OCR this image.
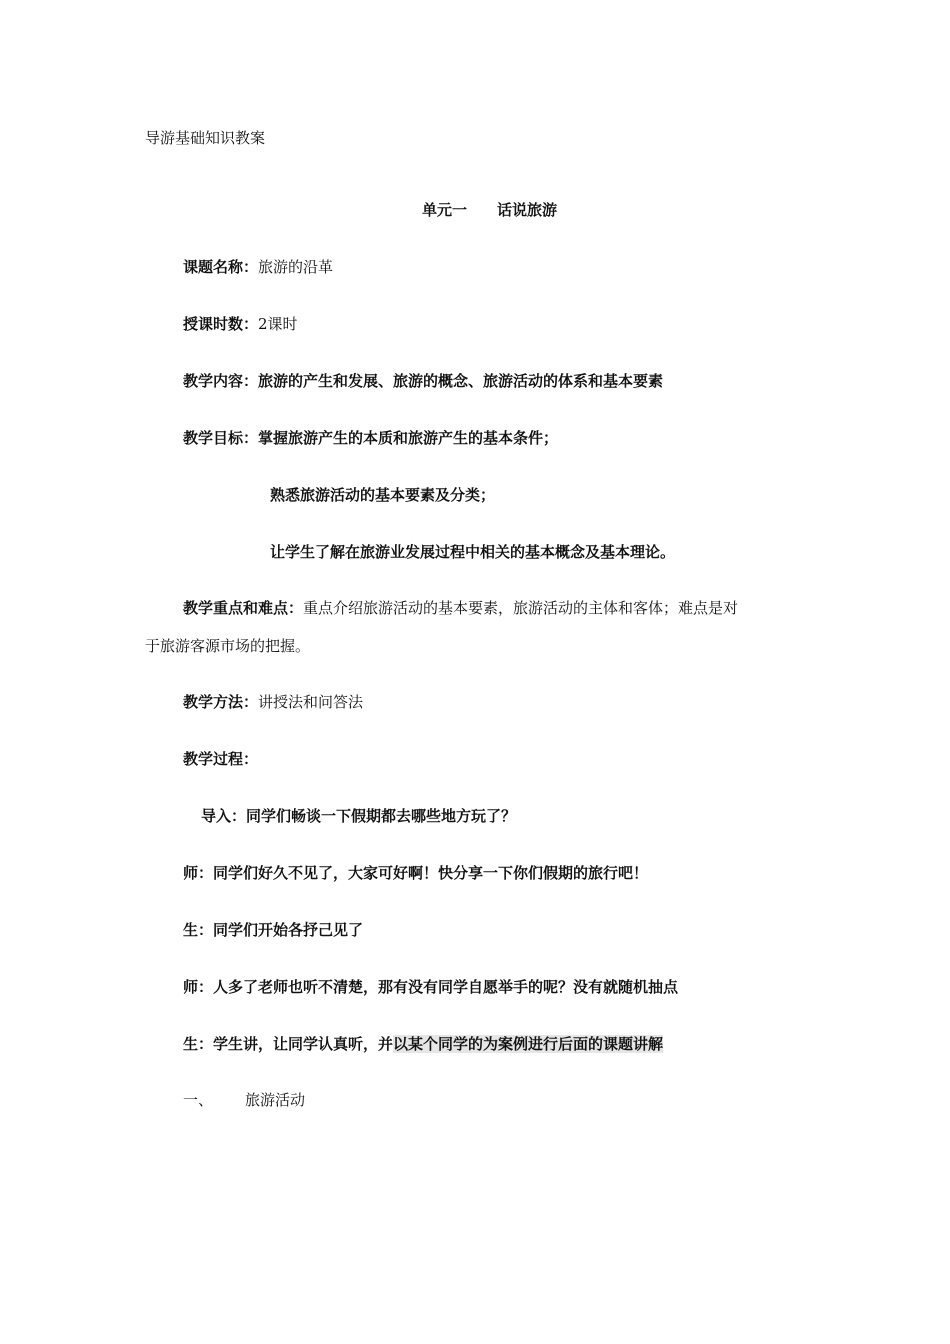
导游基础知识教案
单元一 话说旅游
课题名称：旅游的沿革
授课时数：2课时
教学内容：旅游的产生和发展、旅游的概念、旅游活动的体系和基本要素
教学目标：掌握旅游产生的本质和旅游产生的基本条件；
熟悉旅游活动的基本要素及分类；
让学生了解在旅游业发展过程中相关的基本概念及基本理论。
教学重点和难点：重点介绍旅游活动的基本要素，旅游活动的主体和客体；难点是对
于旅游客源市场的把握。
教学方法：讲授法和问答法
教学过程：
导入：同学们畅谈一下假期都去哪些地方玩了？
师：同学们好久不见了，大家可好啊！快分享一下你们假期的旅行吧！
生：同学们开始各抒己见了
师：人多了老师也听不清楚，那有没有同学自愿举手的呢？没有就随机抽点
生：学生讲，让同学认真听，并以某个同学的为案例进行后面的课题讲解
一、 旅游活动
